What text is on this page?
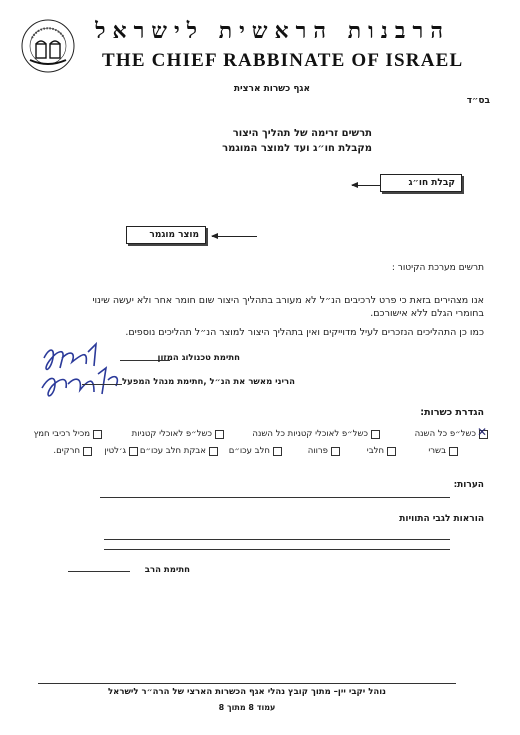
הרבנות הראשית לישראל
THE CHIEF RABBINATE OF ISRAEL
אגף כשרות ארצית
בס״ד
תרשים זרימה של תהליך היצור
מקבלת חו״ג ועד למוצר המוגמר
קבלת חו״ג
מוצר מוגמר
תרשים מערכת הקיטור :
אנו מצהירים בזאת כי פרט לרכיבים הנ״ל לא מעורב בתהליך היצור שום חומר אחר ולא יעשה שינוי
בחומרי הגלם ללא אישורכם.
כמו כן התהליכים הנזכרים לעיל מדוייקים ואין בתהליך היצור למוצר הנ״ל תהליכים נוספים.
חתימת טכנולוג המזון
הריני מאשר את הנ״ל ,חתימת מנהל המפעל
הגדרת כשרות:
✕
כשל״פ כל השנה
כשל״פ לאוכלי קטניות כל השנה
כשל״פ לאוכלי קטניות
מכיל רכיבי חמץ
בשרי
חלבי
פרווה
חלב עכו״ם
אבקת חלב עכו״ם
ג׳לטין
חרקים.
הערות:
הוראות לגבי התוויות
חתימת הרב
נוהל יקבי יין– מתוך קובץ נהלי אגף הכשרות הארצי של הרה״ר לישראל
עמוד 8 מתוך 8
